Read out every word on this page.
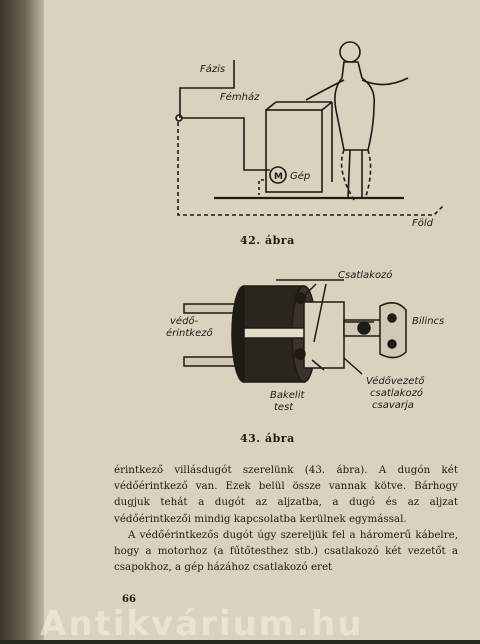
Fázis
Fémház
M Gép
Föld
42. ábra
Csatlakozó
Bilincs
védő-
érintkező
Bakelit
test
Védővezető
csatlakozó
csavarja
43. ábra

érintkező villásdugót szerelünk (43. ábra). A dugón két védőérintkező van. Ezek belül össze vannak kötve. Bárhogy dugjuk tehát a dugót az aljzatba, a dugó és az aljzat védőérintkezői mindig kapcsolatba kerülnek egymással.

A védőérintkezős dugót úgy szereljük fel a háromerű kábelre, hogy a motorhoz (a fűtőtesthez stb.) csatlakozó két vezetőt a csapokhoz, a gép házához csatlakozó eret

66
Antikvárium.hu
